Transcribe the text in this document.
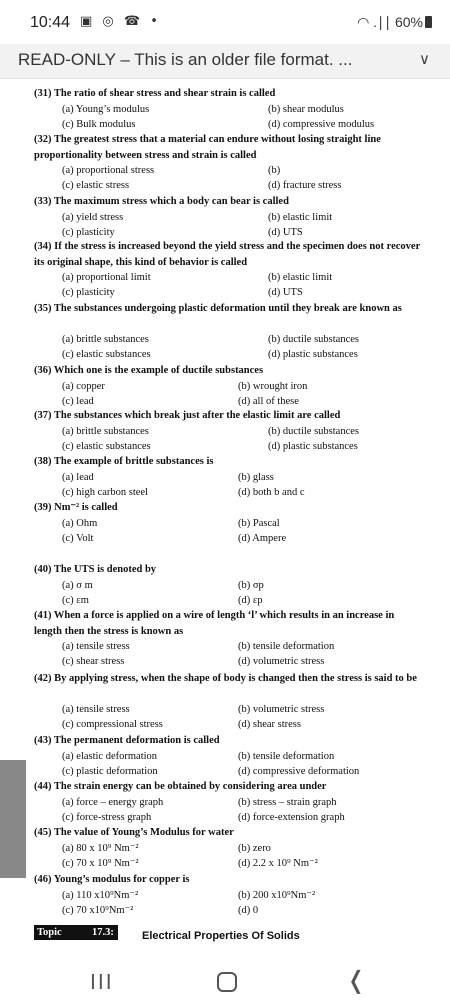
10:44 ▣ ◎ ☎ •	◠ .∣∣ 60%
READ-ONLY – This is an older file format. ...	∨
(31) The ratio of shear stress and shear strain is called
(a) Young’s modulus	(b) shear modulus
(c) Bulk modulus	(d) compressive modulus
(32) The greatest stress that a material can endure without losing straight line proportionality between stress and strain is called
(a) proportional stress	(b)
(c) elastic stress	(d) fracture stress
(33) The maximum stress which a body can bear is called
(a) yield stress	(b) elastic limit
(c) plasticity	(d) UTS
(34) If the stress is increased beyond the yield stress and the specimen does not recover its original shape, this kind of behavior is called
(a) proportional limit	(b) elastic limit
(c) plasticity	(d) UTS
(35) The substances undergoing plastic deformation until they break are known as
(a) brittle substances	(b) ductile substances
(c) elastic substances	(d) plastic substances
(36) Which one is the example of ductile substances
(a) copper	(b) wrought iron
(c) lead	(d) all of these
(37) The substances which break just after the elastic limit are called
(a) brittle substances	(b) ductile substances
(c) elastic substances	(d) plastic substances
(38) The example of brittle substances is
(a) lead	(b) glass
(c) high carbon steel	(d) both b and c
(39) Nm⁻² is called
(a) Ohm	(b) Pascal
(c) Volt	(d) Ampere
(40) The UTS is denoted by
(a) σ m	(b) σp
(c) εm	(d) εp
(41) When a force is applied on a wire of length ‘l’ which results in an increase in length then the stress is known as
(a) tensile stress	(b) tensile deformation
(c) shear stress	(d) volumetric stress
(42) By applying stress, when the shape of body is changed then the stress is said to be
(a) tensile stress	(b) volumetric stress
(c) compressional stress	(d) shear stress
(43) The permanent deformation is called
(a) elastic deformation	(b) tensile deformation
(c) plastic deformation	(d) compressive deformation
(44) The strain energy can be obtained by considering area under
(a) force – energy graph	(b) stress – strain graph
(c) force-stress graph	(d) force-extension graph
(45) The value of Young’s Modulus for water
(a) 80 x 10⁹ Nm⁻²	(b) zero
(c) 70 x 10⁹ Nm⁻²	(d) 2.2 x 10⁹ Nm⁻²
(46) Young’s modulus for copper is
(a) 110 x10⁹Nm⁻²	(b) 200 x10⁹Nm⁻²
(c) 70 x10⁹Nm⁻²	(d) 0
Topic	17.3:	Electrical Properties Of Solids
III	❬
